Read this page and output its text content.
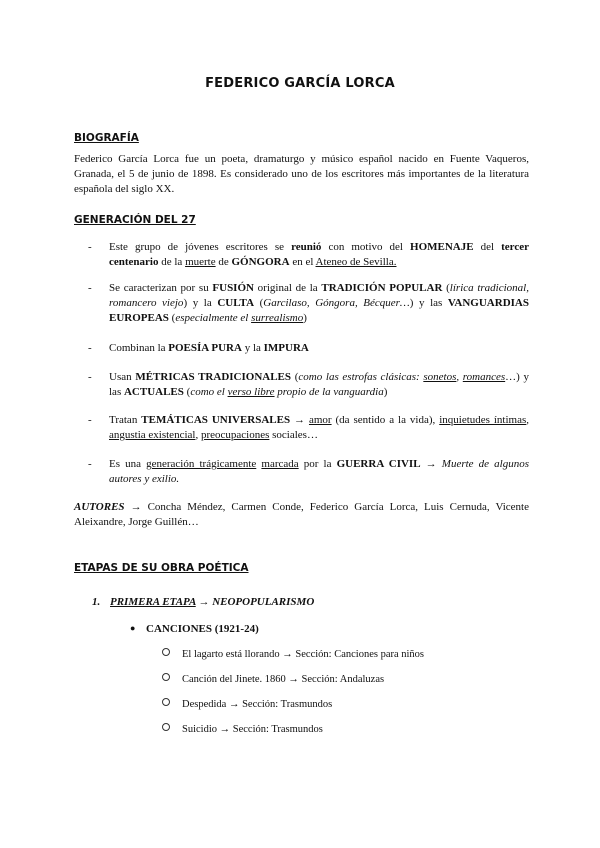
FEDERICO GARCÍA LORCA
BIOGRAFÍA
Federico García Lorca fue un poeta, dramaturgo y músico español nacido en Fuente Vaqueros, Granada, el 5 de junio de 1898. Es considerado uno de los escritores más importantes de la literatura española del siglo XX.
GENERACIÓN DEL 27
- Este grupo de jóvenes escritores se reunió con motivo del HOMENAJE del tercer centenario de la muerte de GÓNGORA en el Ateneo de Sevilla.
- Se caracterizan por su FUSIÓN original de la TRADICIÓN POPULAR (lírica tradicional, romancero viejo) y la CULTA (Garcilaso, Góngora, Bécquer…) y las VANGUARDIAS EUROPEAS (especialmente el surrealismo)
- Combinan la POESÍA PURA y la IMPURA
- Usan MÉTRICAS TRADICIONALES (como las estrofas clásicas: sonetos, romances…) y las ACTUALES (como el verso libre propio de la vanguardia)
- Tratan TEMÁTICAS UNIVERSALES → amor (da sentido a la vida), inquietudes íntimas, angustia existencial, preocupaciones sociales…
- Es una generación trágicamente marcada por la GUERRA CIVIL → Muerte de algunos autores y exilio.
AUTORES → Concha Méndez, Carmen Conde, Federico García Lorca, Luis Cernuda, Vicente Aleixandre, Jorge Guillén…
ETAPAS DE SU OBRA POÉTICA
1. PRIMERA ETAPA → NEOPOPULARISMO
● CANCIONES (1921-24)
El lagarto está llorando → Sección: Canciones para niños
Canción del Jinete. 1860 → Sección: Andaluzas
Despedida → Sección: Trasmundos
Suicidio → Sección: Trasmundos
